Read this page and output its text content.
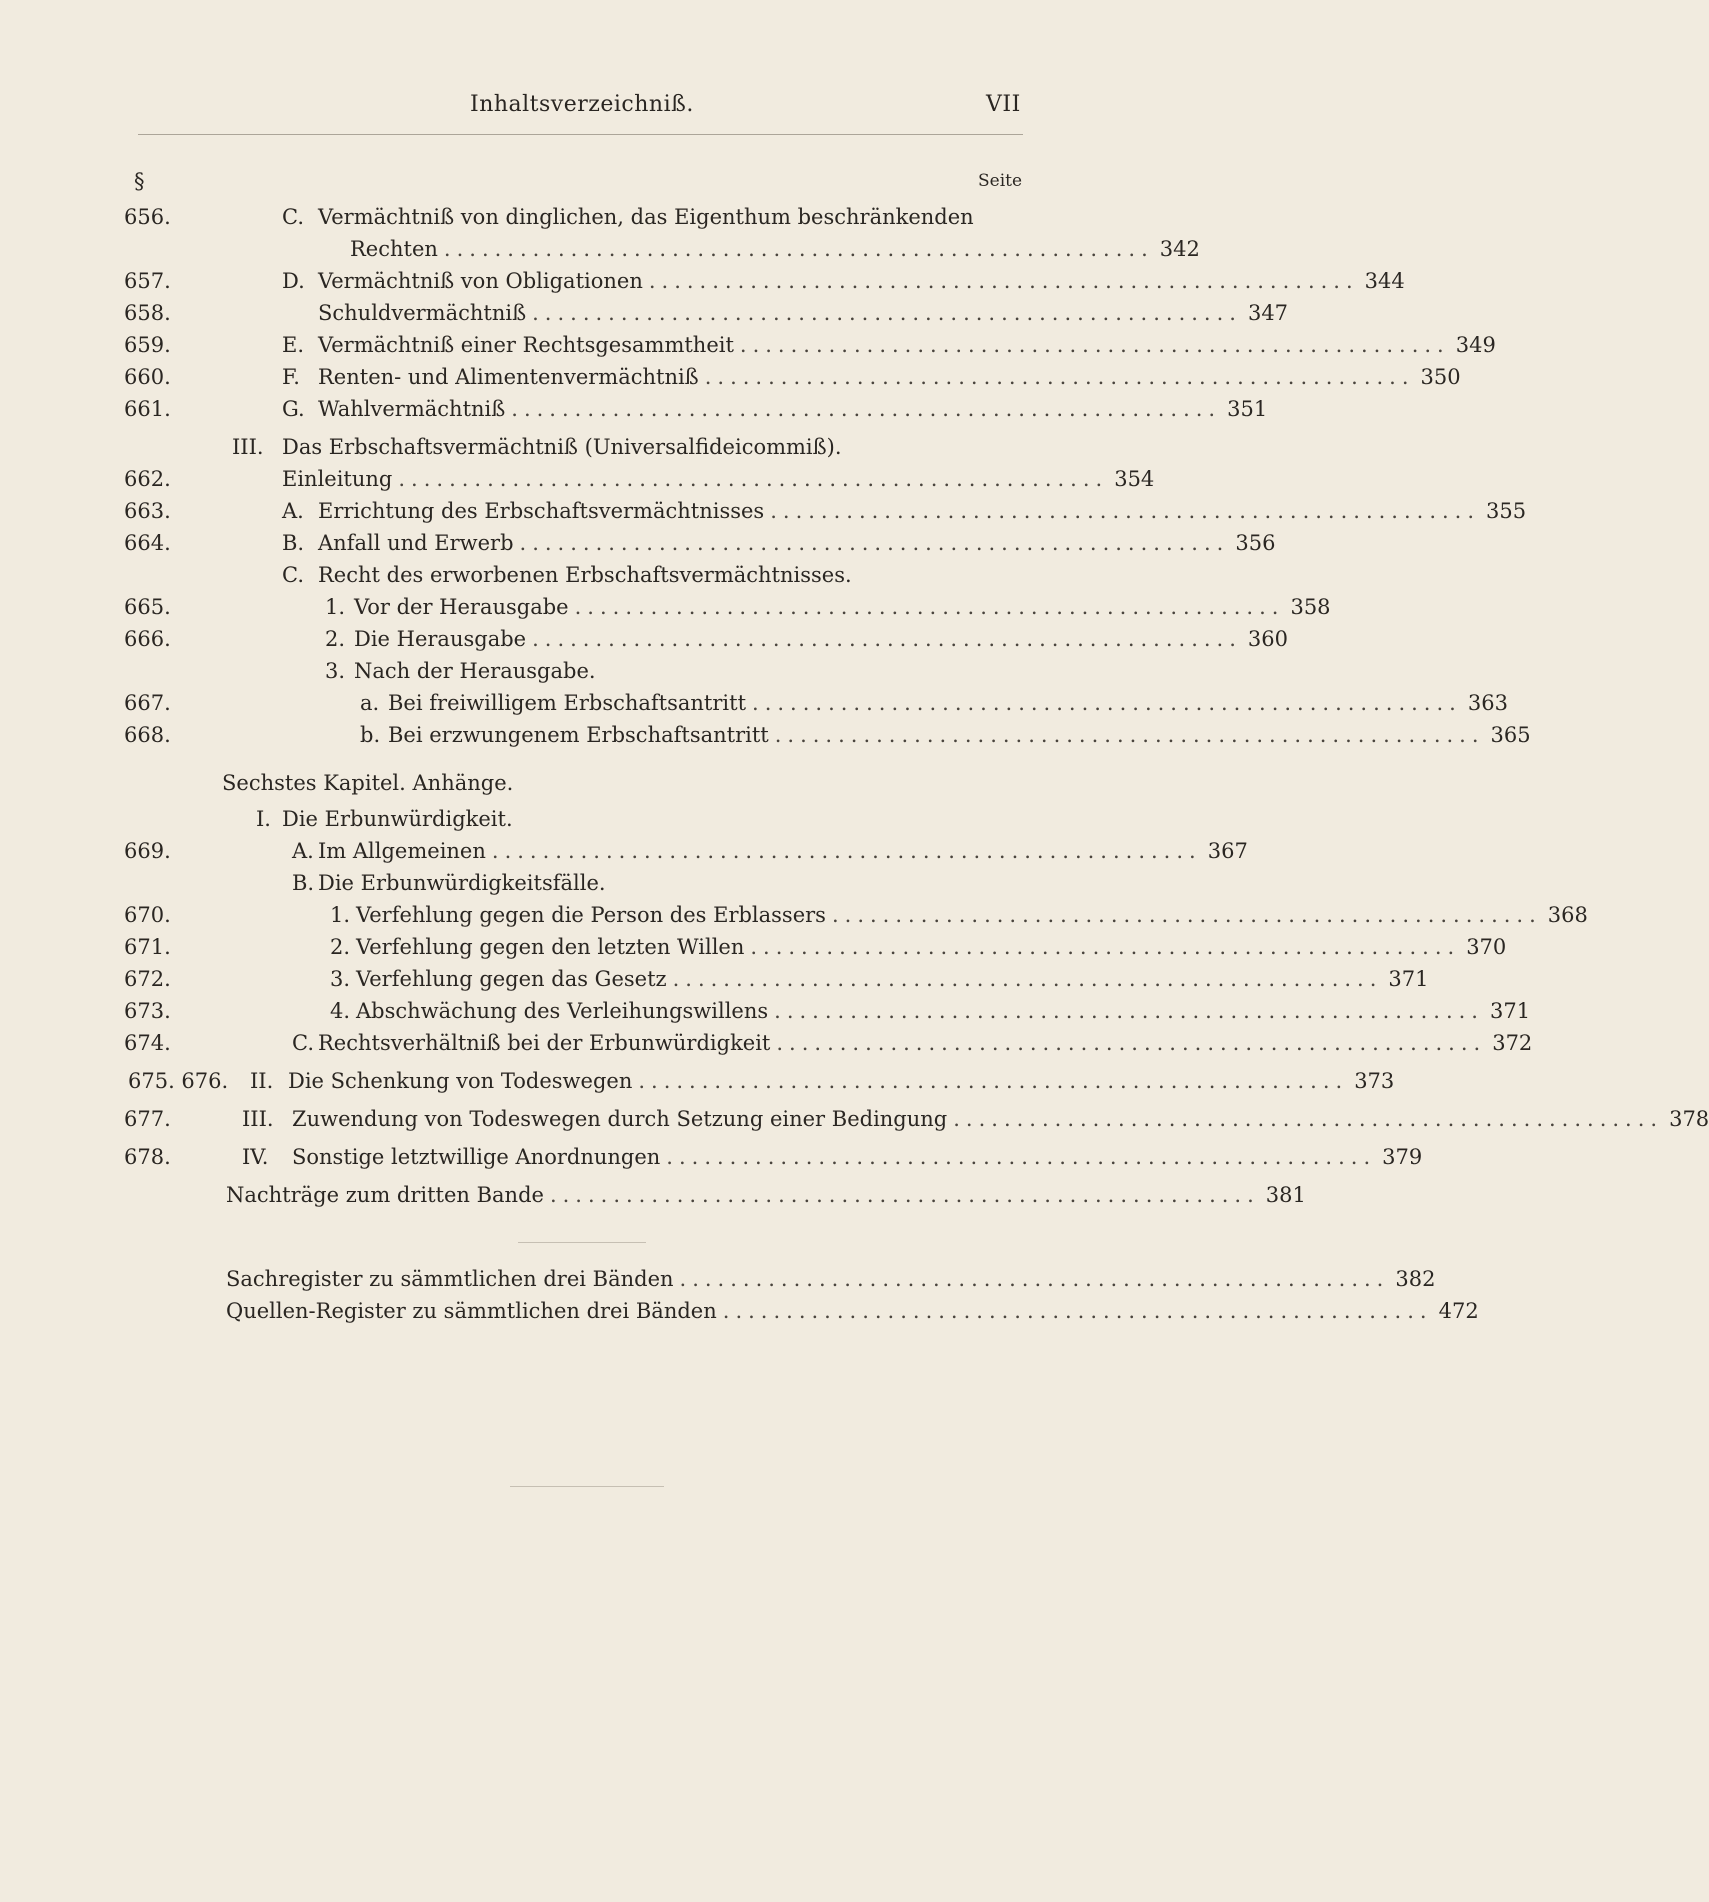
Inhaltsverzeichniß.	VII
§	Seite
656.	C. Vermächtniß von dinglichen, das Eigenthum beschränkenden
Rechten ........................................................ 342
657.	D. Vermächtniß von Obligationen ........................................................ 344
658.	Schuldvermächtniß ........................................................ 347
659.	E. Vermächtniß einer Rechtsgesammtheit ........................................................ 349
660.	F. Renten- und Alimentenvermächtniß ........................................................ 350
661.	G. Wahlvermächtniß ........................................................ 351
III. Das Erbschaftsvermächtniß (Universalfideicommiß).
662.	Einleitung ........................................................ 354
663.	A. Errichtung des Erbschaftsvermächtnisses ........................................................ 355
664.	B. Anfall und Erwerb ........................................................ 356
C. Recht des erworbenen Erbschaftsvermächtnisses.
665.	1. Vor der Herausgabe ........................................................ 358
666.	2. Die Herausgabe ........................................................ 360
3. Nach der Herausgabe.
667.	a. Bei freiwilligem Erbschaftsantritt ........................................................ 363
668.	b. Bei erzwungenem Erbschaftsantritt ........................................................ 365
Sechstes Kapitel. Anhänge.
I. Die Erbunwürdigkeit.
669.	A. Im Allgemeinen ........................................................ 367
B. Die Erbunwürdigkeitsfälle.
670.	1. Verfehlung gegen die Person des Erblassers ........................................................ 368
671.	2. Verfehlung gegen den letzten Willen ........................................................ 370
672.	3. Verfehlung gegen das Gesetz ........................................................ 371
673.	4. Abschwächung des Verleihungswillens ........................................................ 371
674.	C. Rechtsverhältniß bei der Erbunwürdigkeit ........................................................ 372
675. 676. II. Die Schenkung von Todeswegen ........................................................ 373
677.	III. Zuwendung von Todeswegen durch Setzung einer Bedingung ........................................................ 378
678.	IV. Sonstige letztwillige Anordnungen ........................................................ 379
Nachträge zum dritten Bande ........................................................ 381
Sachregister zu sämmtlichen drei Bänden ........................................................ 382
Quellen-Register zu sämmtlichen drei Bänden ........................................................ 472
